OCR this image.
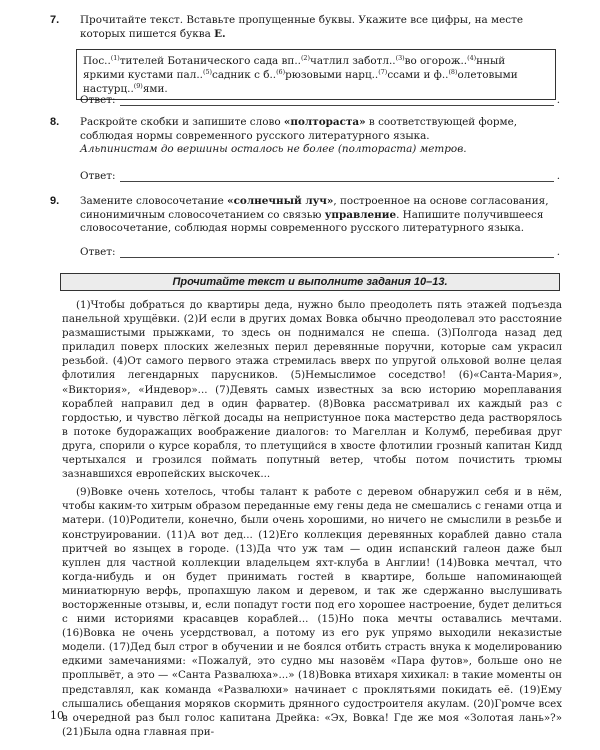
7. Прочитайте текст. Вставьте пропущенные буквы. Укажите все цифры, на месте которых пишется буква Е.
Пос..$^{(1)}$тителей Ботанического сада вп..$^{(2)}$чатлил заботл..$^{(3)}$во огорож..$^{(4)}$нный яркими кустами пал..$^{(5)}$садник с б..$^{(6)}$рюзовыми нарц..$^{(7)}$ссами и ф..$^{(8)}$олетовыми настурц..$^{(9)}$ями.
Ответ:	.
8. Раскройте скобки и запишите слово «полтораста» в соответствующей форме, соблюдая нормы современного русского литературного языка.
Альпинистам до вершины осталось не более (полтораста) метров.
Ответ:	.
9. Замените словосочетание «солнечный луч», построенное на основе согласования, синонимичным словосочетанием со связью управление. Напишите получившееся словосочетание, соблюдая нормы современного русского литературного языка.
Ответ:	.
Прочитайте текст и выполните задания 10–13.

(1)Чтобы добраться до квартиры деда, нужно было преодолеть пять этажей подъезда панельной хрущёвки. (2)И если в других домах Вовка обычно преодолевал это расстояние размашистыми прыжками, то здесь он поднимался не спеша. (3)Полгода назад дед приладил поверх плоских железных перил деревянные поручни, которые сам украсил резьбой. (4)От самого первого этажа стремилась вверх по упругой ольховой волне целая флотилия легендарных парусников. (5)Немыслимое соседство! (6)«Санта-Мария», «Виктория», «Индевор»... (7)Девять самых известных за всю историю мореплавания кораблей направил дед в один фарватер. (8)Вовка рассматривал их каждый раз с гордостью, и чувство лёгкой досады на непристунное пока мастерство деда растворялось в потоке будоражащих воображение диалогов: то Магеллан и Колумб, перебивая друг друга, спорили о курсе корабля, то плетущийся в хвосте флотилии грозный капитан Кидд чертыхался и грозился поймать попутный ветер, чтобы потом почистить трюмы зазнавшихся европейских выскочек...

(9)Вовке очень хотелось, чтобы талант к работе с деревом обнаружил себя и в нём, чтобы каким-то хитрым образом переданные ему гены деда не смешались с генами отца и матери. (10)Родители, конечно, были очень хорошими, но ничего не смыслили в резьбе и конструировании. (11)А вот дед... (12)Его коллекция деревянных кораблей давно стала притчей во языцех в городе. (13)Да что уж там — один испанский галеон даже был куплен для частной коллекции владельцем яхт-клуба в Англии! (14)Вовка мечтал, что когда-нибудь и он будет принимать гостей в квартире, больше напоминающей миниатюрную верфь, пропахшую лаком и деревом, и так же сдержанно выслушивать восторженные отзывы, и, если попадут гости под его хорошее настроение, будет делиться с ними историями красавцев кораблей... (15)Но пока мечты оставались мечтами. (16)Вовка не очень усердствовал, а потому из его рук упрямо выходили неказистые модели. (17)Дед был строг в обучении и не боялся отбить страсть внука к моделированию едкими замечаниями: «Пожалуй, это судно мы назовём «Пара футов», больше оно не проплывёт, а это — «Санта Развалюха»...» (18)Вовка втихаря хихикал: в такие моменты он представлял, как команда «Развалюхи» начинает с проклятьями покидать её. (19)Ему слышались обещания моряков скормить дрянного судостроителя акулам. (20)Громче всех в очередной раз был голос капитана Дрейка: «Эх, Вовка! Где же моя «Золотая лань»?» (21)Была одна главная при-

10
